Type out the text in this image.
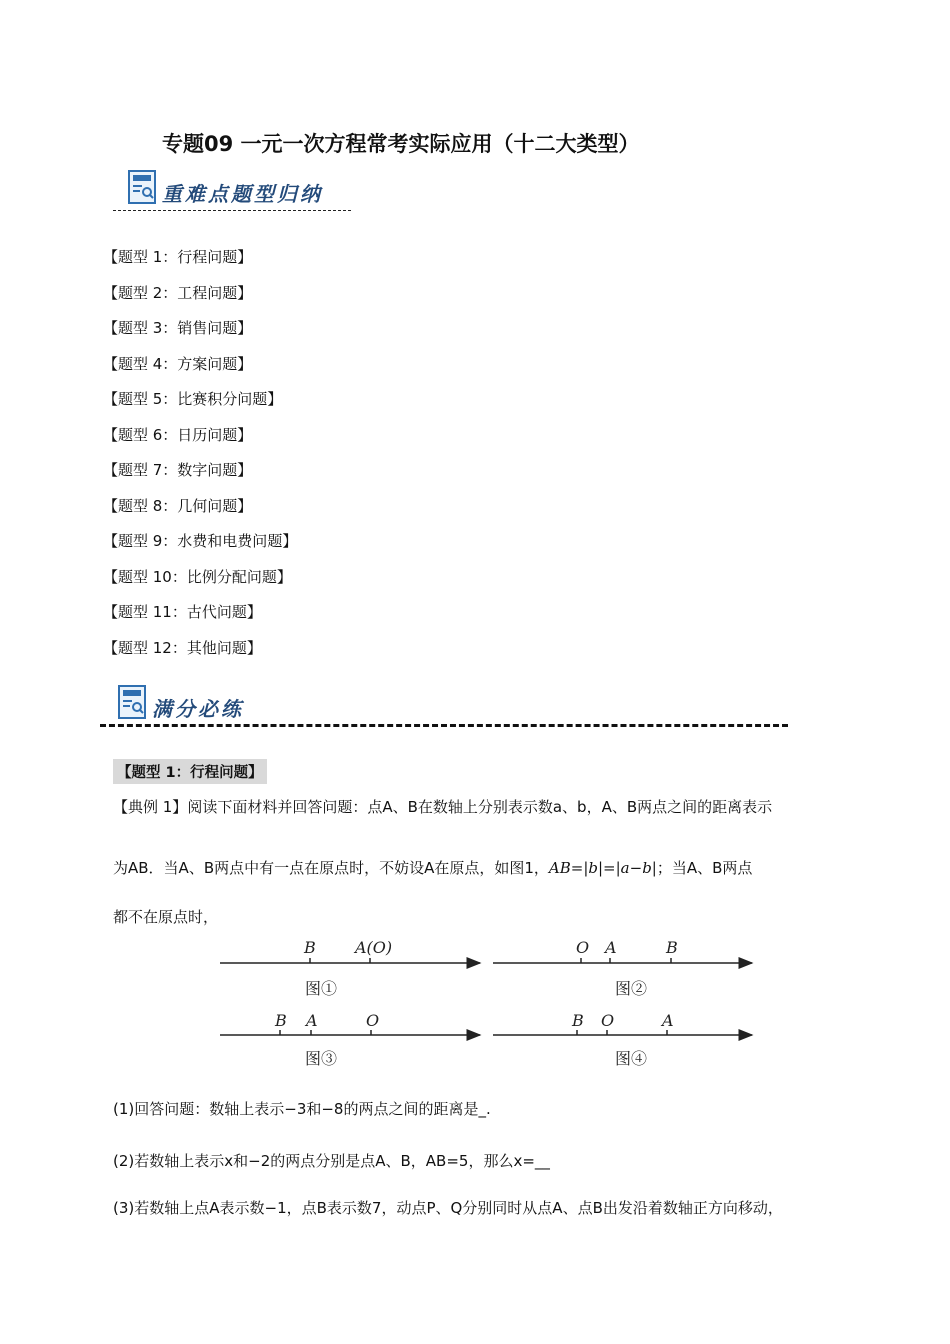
专题09 一元一次方程常考实际应用（十二大类型）
重难点题型归纳
【题型 1：行程问题】
【题型 2：工程问题】
【题型 3：销售问题】
【题型 4：方案问题】
【题型 5：比赛积分问题】
【题型 6：日历问题】
【题型 7：数字问题】
【题型 8：几何问题】
【题型 9：水费和电费问题】
【题型 10：比例分配问题】
【题型 11：古代问题】
【题型 12：其他问题】
满分必练
【题型 1：行程问题】
【典例 1】阅读下面材料并回答问题：点A、B在数轴上分别表示数a、b，A、B两点之间的距离表示
为AB．当A、B两点中有一点在原点时，不妨设A在原点，如图1，AB=|b|=|a−b|；当A、B两点
都不在原点时，
B A(O)
图①
O A	B
图②
B A	O
图③
B O	A
图④
(1)回答问题：数轴上表示−3和−8的两点之间的距离是_.
(2)若数轴上表示x和−2的两点分别是点A、B，AB=5，那么x=__
(3)若数轴上点A表示数−1，点B表示数7，动点P、Q分别同时从点A、点B出发沿着数轴正方向移动，
